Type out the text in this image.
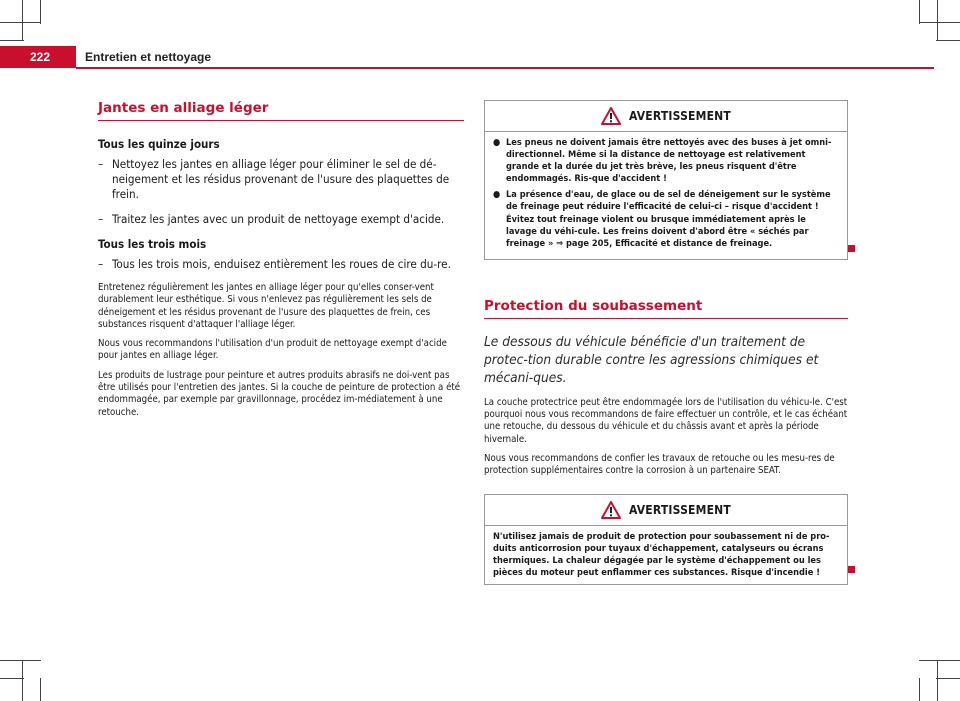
222	Entretien et nettoyage
Jantes en alliage léger
Tous les quinze jours
– Nettoyez les jantes en alliage léger pour éliminer le sel de dé-neigement et les résidus provenant de l'usure des plaquettes de frein.
– Traitez les jantes avec un produit de nettoyage exempt d'acide.
Tous les trois mois
– Tous les trois mois, enduisez entièrement les roues de cire du-re.

Entretenez régulièrement les jantes en alliage léger pour qu'elles conser-vent durablement leur esthétique. Si vous n'enlevez pas régulièrement les sels de déneigement et les résidus provenant de l'usure des plaquettes de frein, ces substances risquent d'attaquer l'alliage léger.

Nous vous recommandons l'utilisation d'un produit de nettoyage exempt d'acide pour jantes en alliage léger.

Les produits de lustrage pour peinture et autres produits abrasifs ne doi-vent pas être utilisés pour l'entretien des jantes. Si la couche de peinture de protection a été endommagée, par exemple par gravillonnage, procédez im-médiatement à une retouche.

AVERTISSEMENT
● Les pneus ne doivent jamais être nettoyés avec des buses à jet omni-directionnel. Même si la distance de nettoyage est relativement grande et la durée du jet très brève, les pneus risquent d'être endommagés. Ris-que d'accident !
● La présence d'eau, de glace ou de sel de déneigement sur le système de freinage peut réduire l'efficacité de celui-ci – risque d'accident ! Évitez tout freinage violent ou brusque immédiatement après le lavage du véhi-cule. Les freins doivent d'abord être « séchés par freinage » ⇒ page 205, Efficacité et distance de freinage.
Protection du soubassement

Le dessous du véhicule bénéficie d'un traitement de protec-tion durable contre les agressions chimiques et mécani-ques.

La couche protectrice peut être endommagée lors de l'utilisation du véhicu-le. C'est pourquoi nous vous recommandons de faire effectuer un contrôle, et le cas échéant une retouche, du dessous du véhicule et du châssis avant et après la période hivernale.

Nous vous recommandons de confier les travaux de retouche ou les mesu-res de protection supplémentaires contre la corrosion à un partenaire SEAT.

AVERTISSEMENT
N'utilisez jamais de produit de protection pour soubassement ni de pro-duits anticorrosion pour tuyaux d'échappement, catalyseurs ou écrans thermiques. La chaleur dégagée par le système d'échappement ou les pièces du moteur peut enflammer ces substances. Risque d'incendie !
